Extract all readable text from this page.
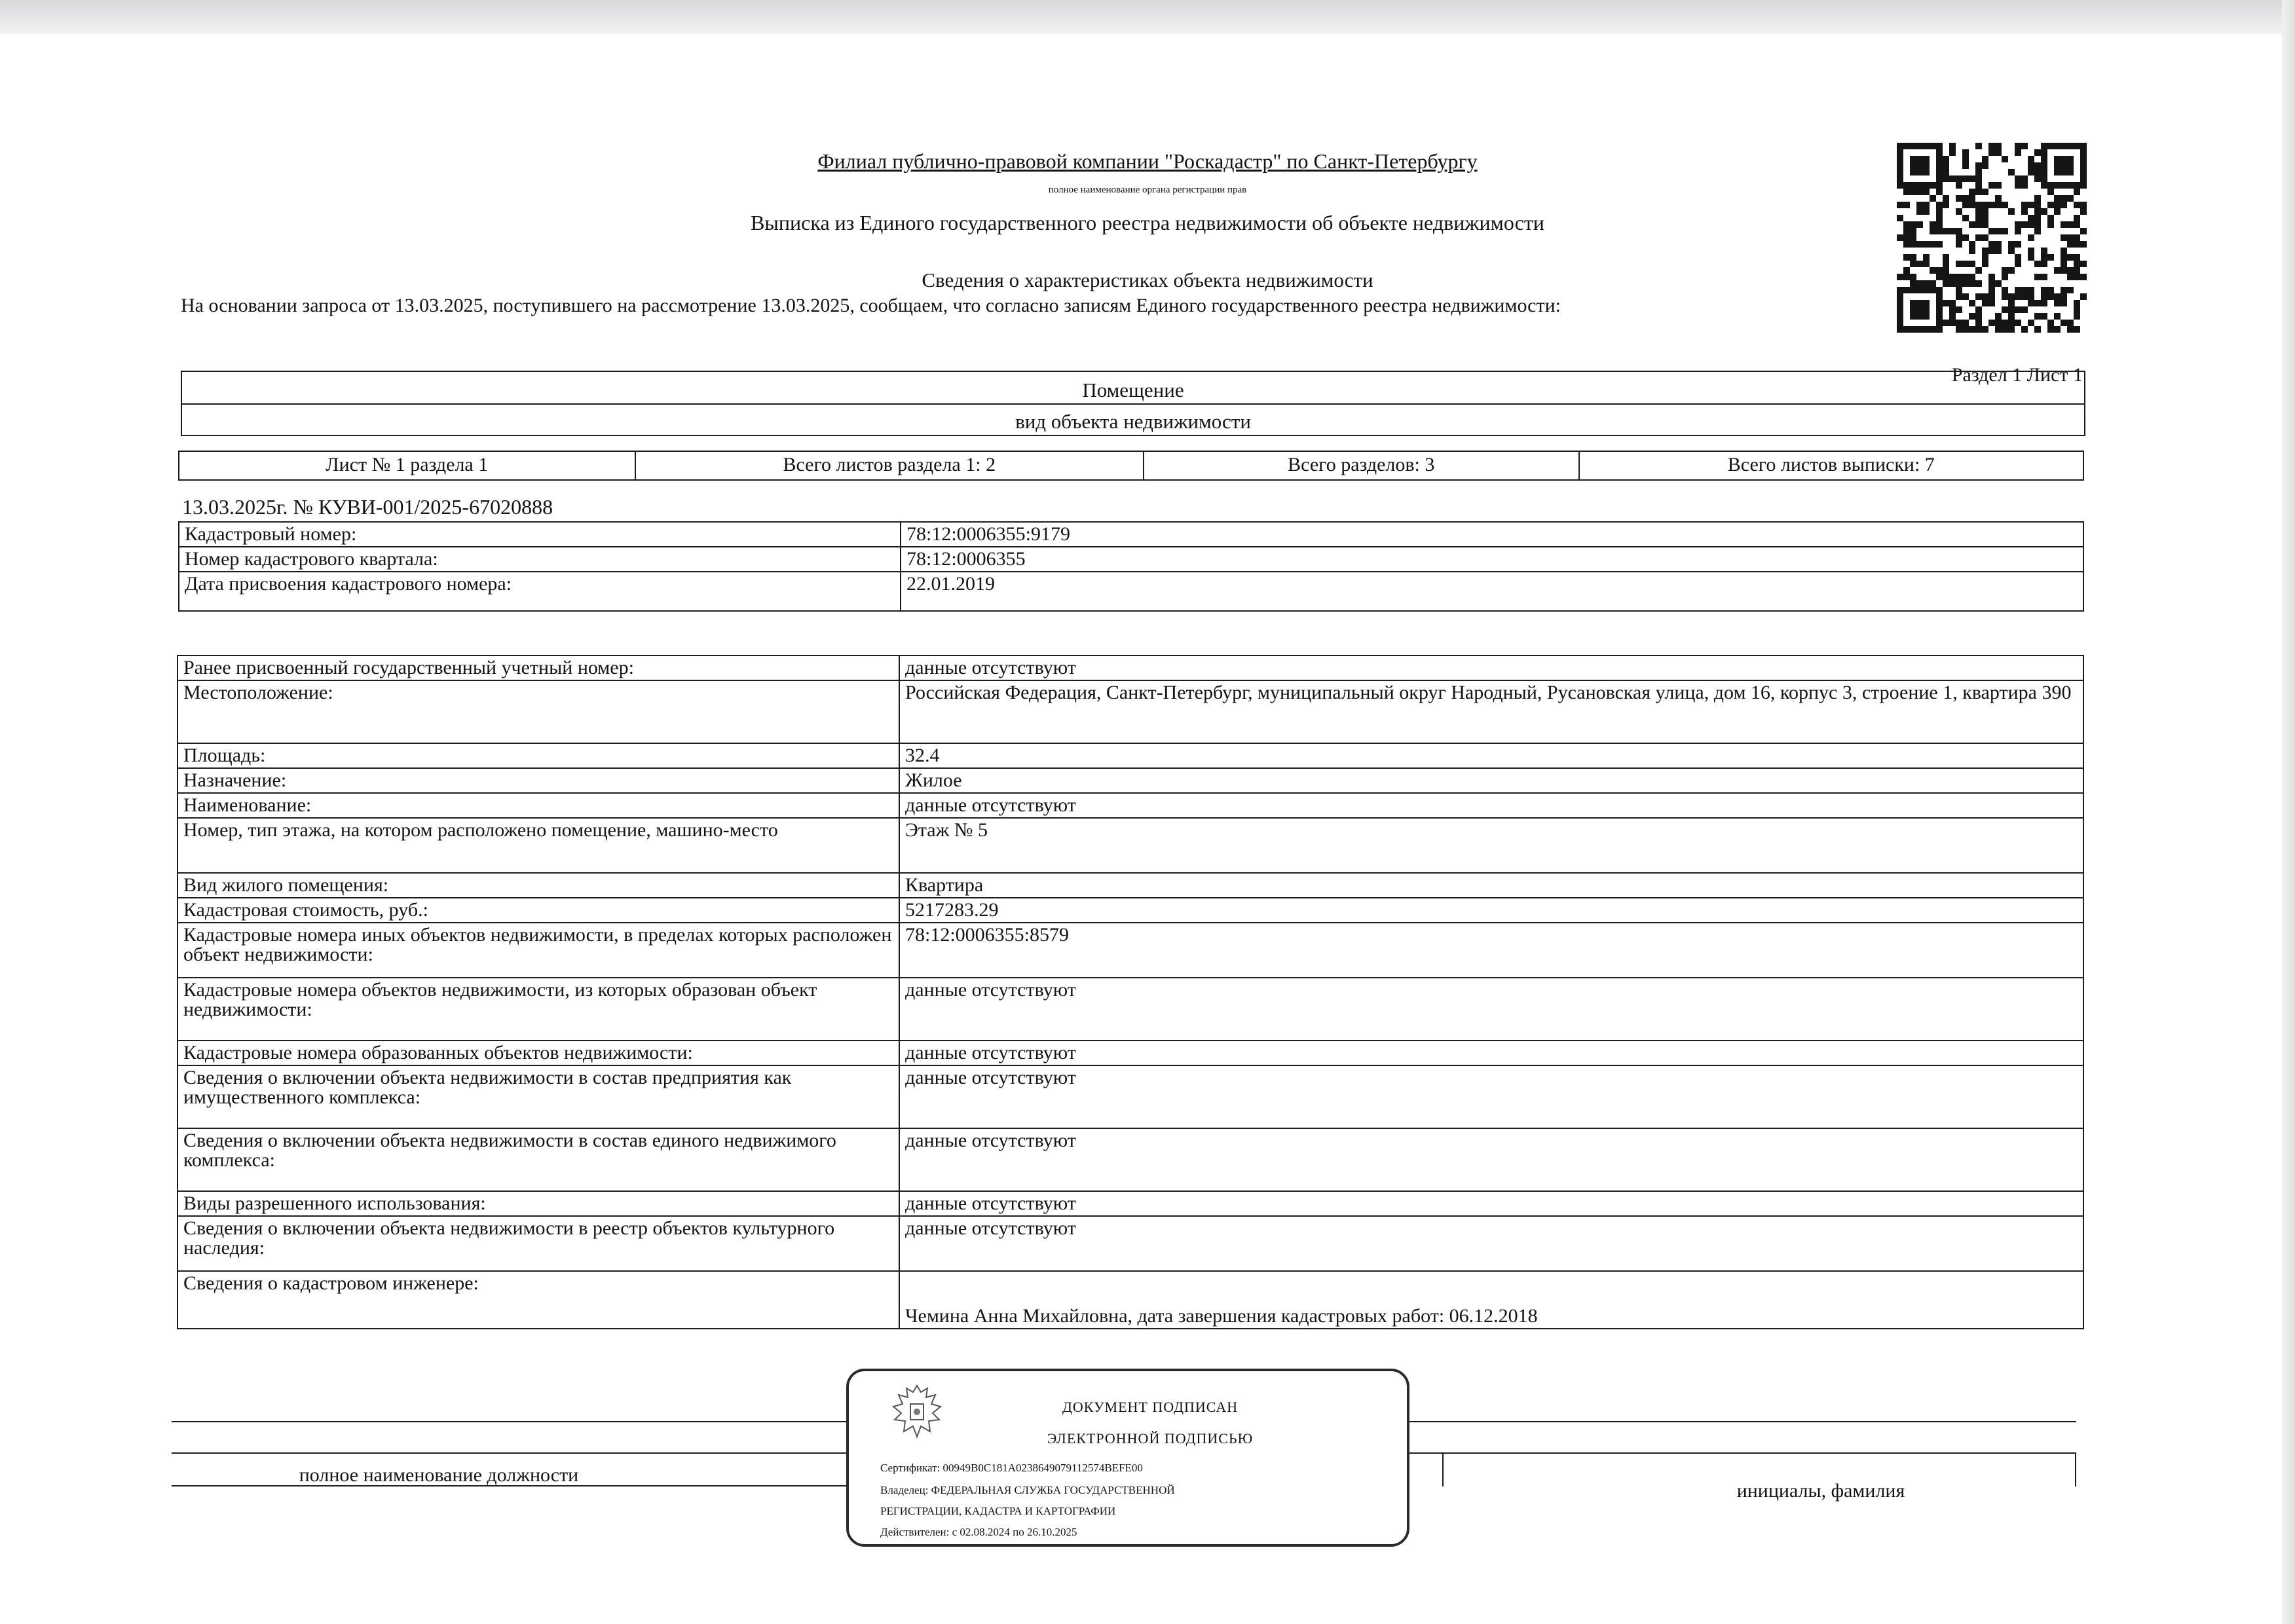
Филиал публично-правовой компании "Роскадастр" по Санкт-Петербургу
полное наименование органа регистрации прав
Выписка из Единого государственного реестра недвижимости об объекте недвижимости
Сведения о характеристиках объекта недвижимости
На основании запроса от 13.03.2025, поступившего на рассмотрение 13.03.2025, сообщаем, что согласно записям Единого государственного реестра недвижимости:
Раздел 1 Лист 1
Помещение
вид объекта недвижимости
Лист № 1 раздела 1	Всего листов раздела 1: 2	Всего разделов: 3	Всего листов выписки: 7
13.03.2025г. № КУВИ-001/2025-67020888
Кадастровый номер:	78:12:0006355:9179
Номер кадастрового квартала:	78:12:0006355
Дата присвоения кадастрового номера:	22.01.2019
Ранее присвоенный государственный учетный номер:	данные отсутствуют
Местоположение:	Российская Федерация, Санкт-Петербург, муниципальный округ Народный, Русановская улица, дом 16, корпус 3, строение 1, квартира 390
Площадь:	32.4
Назначение:	Жилое
Наименование:	данные отсутствуют
Номер, тип этажа, на котором расположено помещение, машино-место	Этаж № 5
Вид жилого помещения:	Квартира
Кадастровая стоимость, руб.:	5217283.29
Кадастровые номера иных объектов недвижимости, в пределах которых расположен объект недвижимости:	78:12:0006355:8579
Кадастровые номера объектов недвижимости, из которых образован объект недвижимости:	данные отсутствуют
Кадастровые номера образованных объектов недвижимости:	данные отсутствуют
Сведения о включении объекта недвижимости в состав предприятия как имущественного комплекса:	данные отсутствуют
Сведения о включении объекта недвижимости в состав единого недвижимого комплекса:	данные отсутствуют
Виды разрешенного использования:	данные отсутствуют
Сведения о включении объекта недвижимости в реестр объектов культурного наследия:	данные отсутствуют
Сведения о кадастровом инженере:	Чемина Анна Михайловна, дата завершения кадастровых работ: 06.12.2018
полное наименование должности
инициалы, фамилия
ДОКУМЕНТ ПОДПИСАН
ЭЛЕКТРОННОЙ ПОДПИСЬЮ
Сертификат: 00949B0C181A0238649079112574BEFE00
Владелец: ФЕДЕРАЛЬНАЯ СЛУЖБА ГОСУДАРСТВЕННОЙ
РЕГИСТРАЦИИ, КАДАСТРА И КАРТОГРАФИИ
Действителен: с 02.08.2024 по 26.10.2025
